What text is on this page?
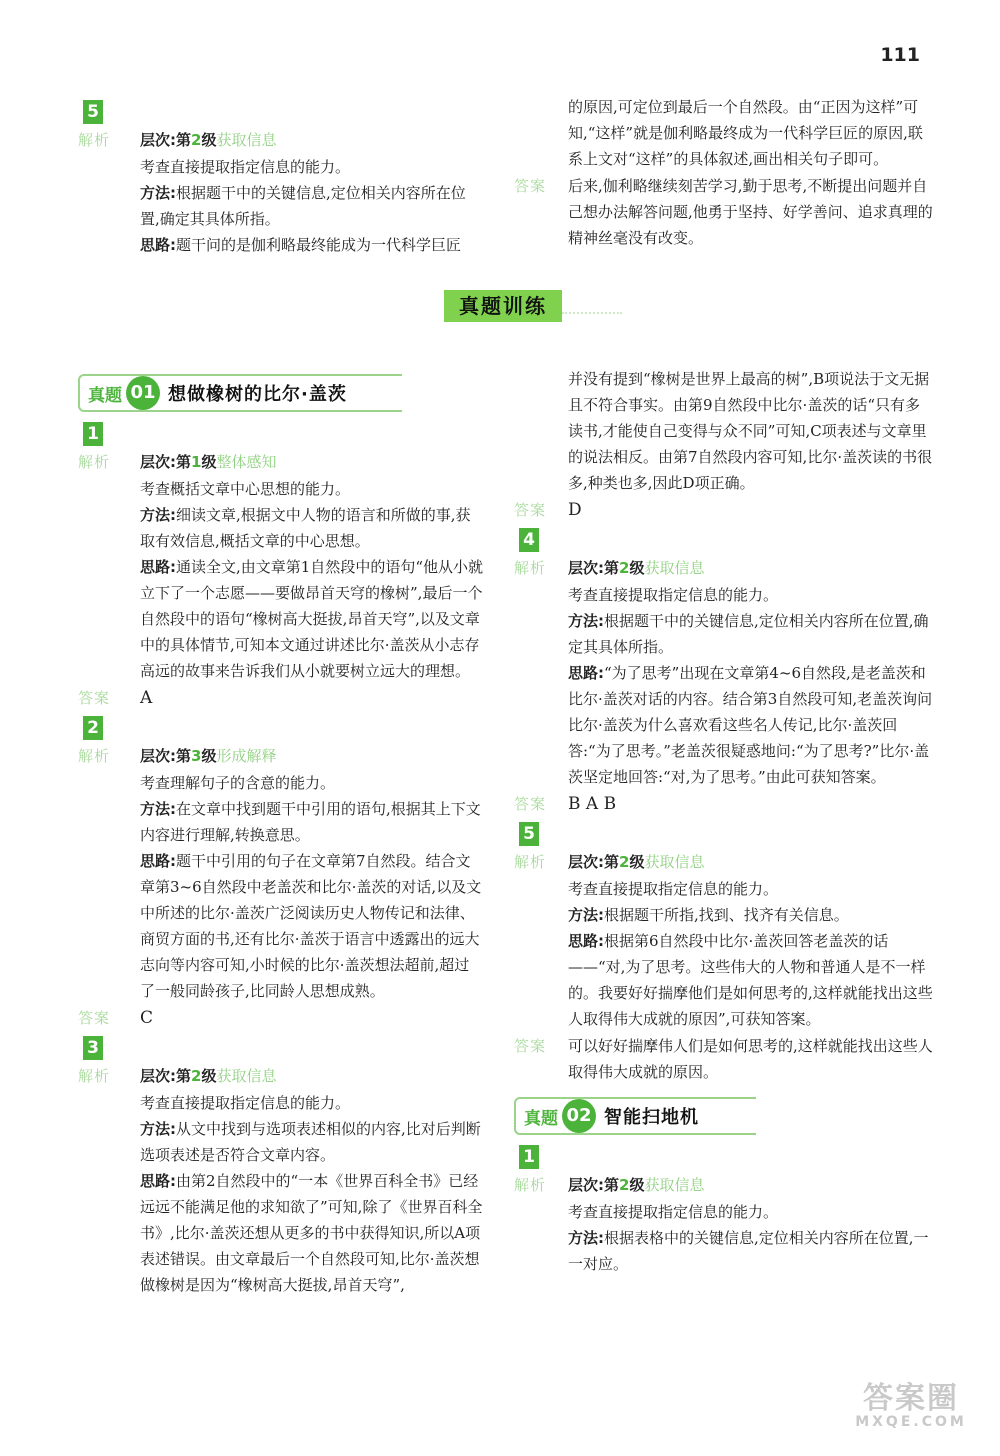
111
5
解析 层次:第2级获取信息
考查直接提取指定信息的能力。
方法:根据题干中的关键信息,定位相关内容所在位置,确定其具体所指。
思路:题干问的是伽利略最终能成为一代科学巨匠
的原因,可定位到最后一个自然段。由“正因为这样”可知,“这样”就是伽利略最终成为一代科学巨匠的原因,联系上文对“这样”的具体叙述,画出相关句子即可。
答案 后来,伽利略继续刻苦学习,勤于思考,不断提出问题并自己想办法解答问题,他勇于坚持、好学善问、追求真理的精神丝毫没有改变。
真题训练
真题 01 想做橡树的比尔·盖茨
1
解析 层次:第1级整体感知
考查概括文章中心思想的能力。
方法:细读文章,根据文中人物的语言和所做的事,获取有效信息,概括文章的中心思想。
思路:通读全文,由文章第1自然段中的语句“他从小就立下了一个志愿——要做昂首天穹的橡树”,最后一个自然段中的语句“橡树高大挺拔,昂首天穹”,以及文章中的具体情节,可知本文通过讲述比尔·盖茨从小志存高远的故事来告诉我们从小就要树立远大的理想。
答案 A
2
解析 层次:第3级形成解释
考查理解句子的含意的能力。
方法:在文章中找到题干中引用的语句,根据其上下文内容进行理解,转换意思。
思路:题干中引用的句子在文章第7自然段。结合文章第3~6自然段中老盖茨和比尔·盖茨的对话,以及文中所述的比尔·盖茨广泛阅读历史人物传记和法律、商贸方面的书,还有比尔·盖茨于语言中透露出的远大志向等内容可知,小时候的比尔·盖茨想法超前,超过了一般同龄孩子,比同龄人思想成熟。
答案 C
3
解析 层次:第2级获取信息
考查直接提取指定信息的能力。
方法:从文中找到与选项表述相似的内容,比对后判断选项表述是否符合文章内容。
思路:由第2自然段中的“一本《世界百科全书》已经远远不能满足他的求知欲了”可知,除了《世界百科全书》,比尔·盖茨还想从更多的书中获得知识,所以A项表述错误。由文章最后一个自然段可知,比尔·盖茨想做橡树是因为“橡树高大挺拔,昂首天穹”,
并没有提到“橡树是世界上最高的树”,B项说法于文无据且不符合事实。由第9自然段中比尔·盖茨的话“只有多读书,才能使自己变得与众不同”可知,C项表述与文章里的说法相反。由第7自然段内容可知,比尔·盖茨读的书很多,种类也多,因此D项正确。
答案 D
4
解析 层次:第2级获取信息
考查直接提取指定信息的能力。
方法:根据题干中的关键信息,定位相关内容所在位置,确定其具体所指。
思路:“为了思考”出现在文章第4~6自然段,是老盖茨和比尔·盖茨对话的内容。结合第3自然段可知,老盖茨询问比尔·盖茨为什么喜欢看这些名人传记,比尔·盖茨回答:“为了思考。”老盖茨很疑惑地问:“为了思考?”比尔·盖茨坚定地回答:“对,为了思考。”由此可获知答案。
答案 B A B
5
解析 层次:第2级获取信息
考查直接提取指定信息的能力。
方法:根据题干所指,找到、找齐有关信息。
思路:根据第6自然段中比尔·盖茨回答老盖茨的话——“对,为了思考。这些伟大的人物和普通人是不一样的。我要好好揣摩他们是如何思考的,这样就能找出这些人取得伟大成就的原因”,可获知答案。
答案 可以好好揣摩伟人们是如何思考的,这样就能找出这些人取得伟大成就的原因。
真题 02 智能扫地机
1
解析 层次:第2级获取信息
考查直接提取指定信息的能力。
方法:根据表格中的关键信息,定位相关内容所在位置,一一对应。
答案圈
MXQE.COM
